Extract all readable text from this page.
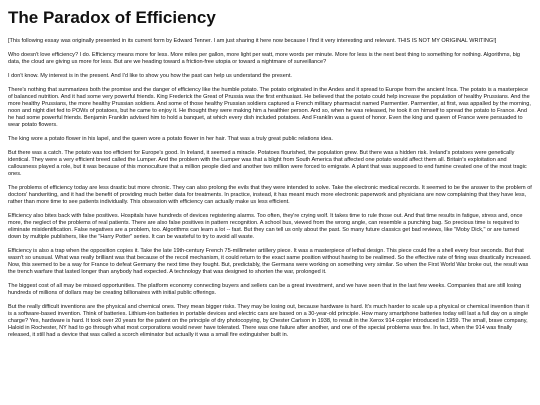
The Paradox of Efficiency

[This following essay was originally presented in its current form by Edward Tenner. I am just sharing it here now because I find it very interesting and relevant. THIS IS NOT MY ORIGINAL WRITING!]

Who doesn't love efficiency? I do. Efficiency means more for less. More miles per gallon, more light per watt, more words per minute. More for less is the next best thing to something for nothing. Algorithms, big data, the cloud are giving us more for less. But are we heading toward a friction-free utopia or toward a nightmare of surveillance?

I don't know. My interest is in the present. And I'd like to show you how the past can help us understand the present.

There's nothing that summarizes both the promise and the danger of efficiency like the humble potato. The potato originated in the Andes and it spread to Europe from the ancient Inca. The potato is a masterpiece of balanced nutrition. And it had some very powerful friends. King Frederick the Great of Prussia was the first enthusiast. He believed that the potato could help increase the population of healthy Prussians. And the more healthy Prussians, the more healthy Prussian soldiers. And some of those healthy Prussian soldiers captured a French military pharmacist named Parmentier. Parmentier, at first, was appalled by the morning, noon and night diet fed to POWs of potatoes, but he came to enjoy it. He thought they were making him a healthier person. And so, when he was released, he took it on himself to spread the potato to France. And he had some powerful friends. Benjamin Franklin advised him to hold a banquet, at which every dish included potatoes. And Franklin was a guest of honor. Even the king and queen of France were persuaded to wear potato flowers.

The king wore a potato flower in his lapel, and the queen wore a potato flower in her hair. That was a truly great public relations idea.

But there was a catch. The potato was too efficient for Europe's good. In Ireland, it seemed a miracle. Potatoes flourished, the population grew. But there was a hidden risk. Ireland's potatoes were genetically identical. They were a very efficient breed called the Lumper. And the problem with the Lumper was that a blight from South America that affected one potato would affect them all. Britain's exploitation and callousness played a role, but it was because of this monoculture that a million people died and another two million were forced to emigrate. A plant that was supposed to end famine created one of the most tragic ones.

The problems of efficiency today are less drastic but more chronic. They can also prolong the evils that they were intended to solve. Take the electronic medical records. It seemed to be the answer to the problem of doctors' handwriting, and it had the benefit of providing much better data for treatments. In practice, instead, it has meant much more electronic paperwork and physicians are now complaining that they have less, rather than more time to see patients individually. This obsession with efficiency can actually make us less efficient.

Efficiency also bites back with false positives. Hospitals have hundreds of devices registering alarms. Too often, they're crying wolf. It takes time to rule those out. And that time results in fatigue, stress and, once more, the neglect of the problems of real patients. There are also false positives in pattern recognition. A school bus, viewed from the wrong angle, can resemble a punching bag. So precious time is required to eliminate misidentification. False negatives are a problem, too. Algorithms can learn a lot -- fast. But they can tell us only about the past. So many future classics get bad reviews, like "Moby Dick," or are turned down by multiple publishers, like the "Harry Potter" series. It can be wasteful to try to avoid all waste.

Efficiency is also a trap when the opposition copies it. Take the late 19th-century French 75-millimeter artillery piece. It was a masterpiece of lethal design. This piece could fire a shell every four seconds. But that wasn't so unusual. What was really brilliant was that because of the recoil mechanism, it could return to the exact same position without having to be realimed. So the effective rate of firing was drastically increased. Now, this seemed to be a way for France to defeat Germany the next time they fought. But, predictably, the Germans were working on something very similar. So when the First World War broke out, the result was the trench warfare that lasted longer than anybody had expected. A technology that was designed to shorten the war, prolonged it.

The biggest cost of all may be missed opportunities. The platform economy connecting buyers and sellers can be a great investment, and we have seen that in the last few weeks. Companies that are still losing hundreds of millions of dollars may be creating billionaires with initial public offerings.

But the really difficult inventions are the physical and chemical ones. They mean bigger risks. They may be losing out, because hardware is hard. It's much harder to scale up a physical or chemical invention than it is a software-based invention. Think of batteries. Lithium-ion batteries in portable devices and electric cars are based on a 30-year-old principle. How many smartphone batteries today will last a full day on a single charge? Yes, hardware is hard. It took over 20 years for the patent on the principle of dry photocopying, by Chester Carlson in 1938, to result in the Xerox 914 copier introduced in 1959. The small, brave company, Haloid in Rochester, NY had to go through what most corporations would never have tolerated. There was one failure after another, and one of the special problems was fire. In fact, when the 914 was finally released, it still had a device that was called a scorch eliminator but actually it was a small fire extinguisher built in.
